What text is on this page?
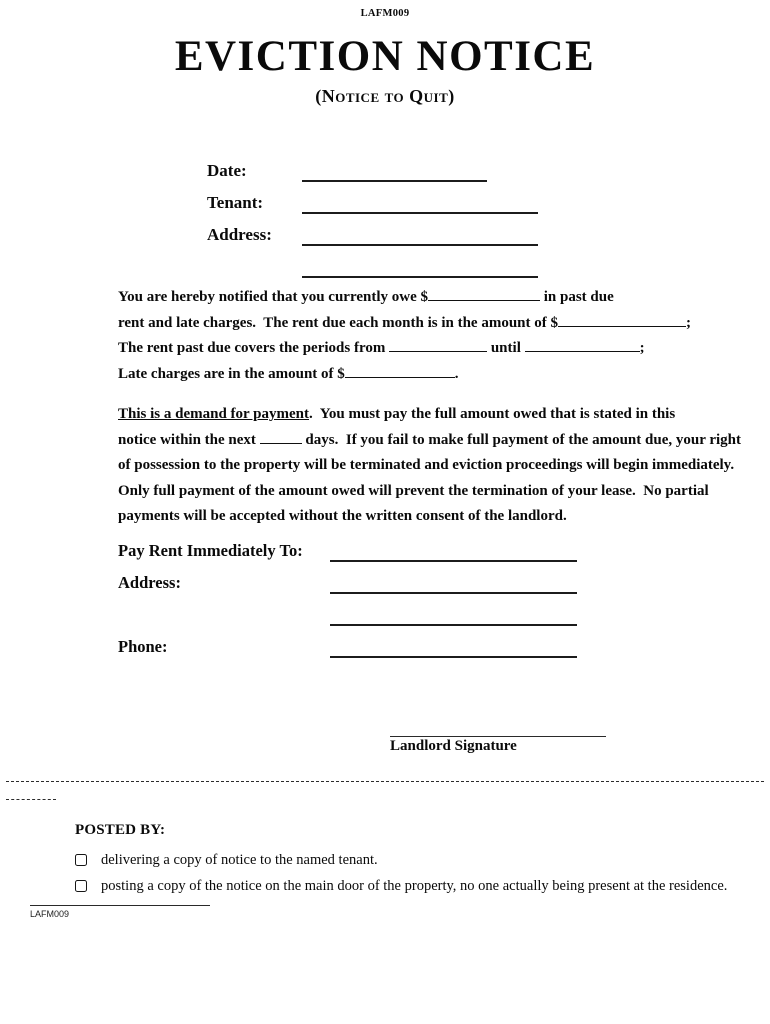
LAFM009
EVICTION NOTICE
(Notice to Quit)
Date:
Tenant:
Address:
You are hereby notified that you currently owe $	in past due
rent and late charges.  The rent due each month is in the amount of $	;
The rent past due covers the periods from	until	;
Late charges are in the amount of $	.
This is a demand for payment .  You must pay the full amount owed that is stated in this
notice within the next	days.  If you fail to make full payment of the amount due, your right
of possession to the property will be terminated and eviction proceedings will begin immediately.
Only full payment of the amount owed will prevent the termination of your lease.  No partial
payments will be accepted without the written consent of the landlord.
Pay Rent Immediately To:
Address:
Phone:
Landlord Signature
POSTED BY:
delivering a copy of notice to the named tenant.
posting a copy of the notice on the main door of the property, no one actually being present at the residence.
LAFM009
